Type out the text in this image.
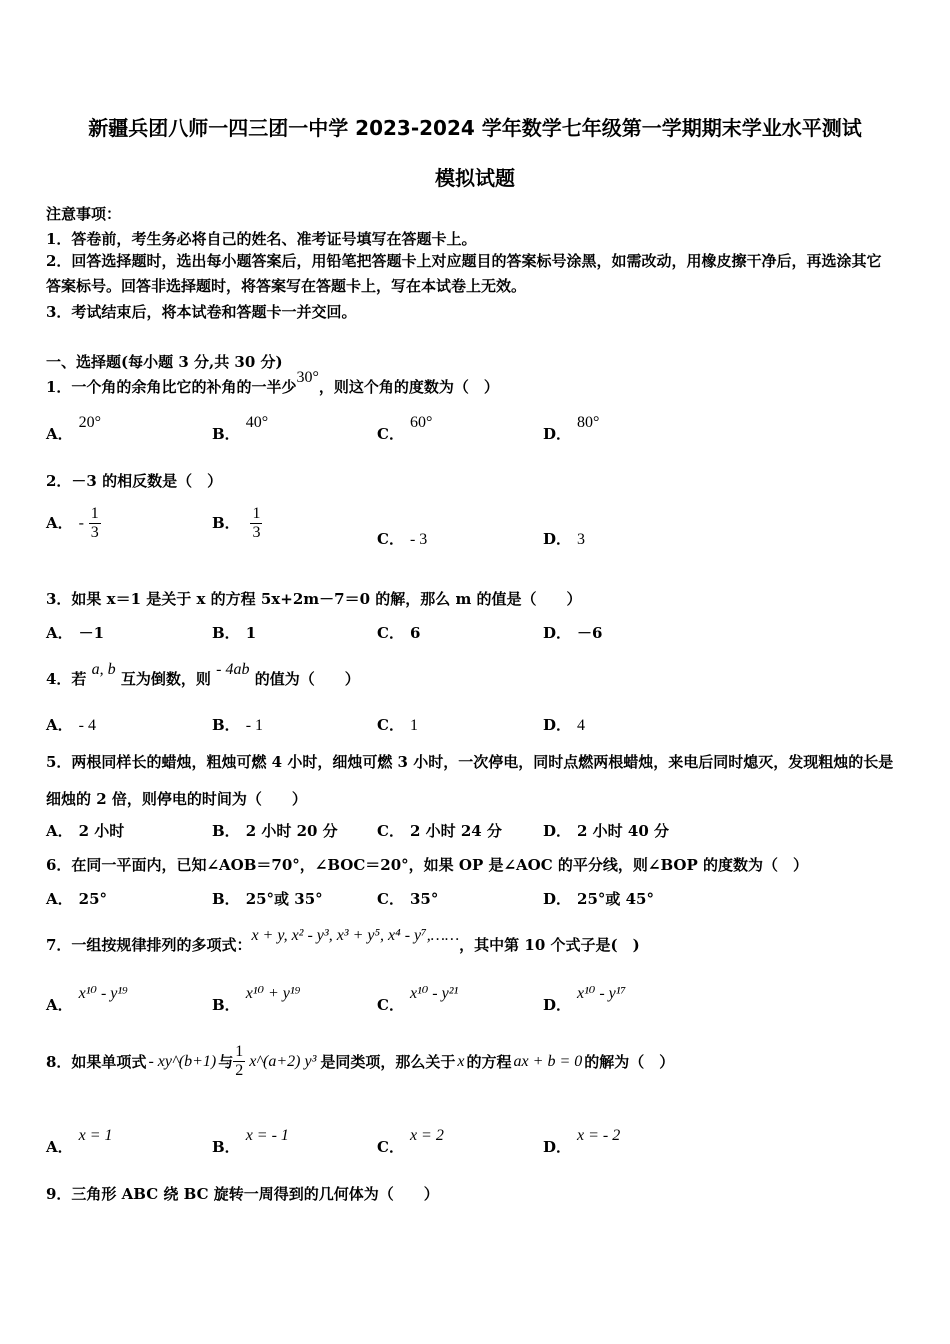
新疆兵团八师一四三团一中学 2023-2024 学年数学七年级第一学期期末学业水平测试
模拟试题
注意事项：
1．答卷前，考生务必将自己的姓名、准考证号填写在答题卡上。
2．回答选择题时，选出每小题答案后，用铅笔把答题卡上对应题目的答案标号涂黑，如需改动，用橡皮擦干净后，再选涂其它答案标号。回答非选择题时，将答案写在答题卡上，写在本试卷上无效。
3．考试结束后，将本试卷和答题卡一并交回。
一、选择题(每小题 3 分,共 30 分)
1．一个角的余角比它的补角的一半少30°，则这个角的度数为（　）
A．20°
B．40°
C．60°
D．80°
2．－3 的相反数是（　）
A． - $\frac{1}{3}$	B． $\frac{1}{3}$	C． - 3	D． 3
3．如果 x＝1 是关于 x 的方程 5x+2m－7＝0 的解，那么 m 的值是（　　）
A． －1	B． 1	C． 6	D． －6
4．若 a, b 互为倒数，则 - 4ab 的值为（　　）
A． - 4	B． - 1	C． 1	D． 4
5．两根同样长的蜡烛，粗烛可燃 4 小时，细烛可燃 3 小时，一次停电，同时点燃两根蜡烛，来电后同时熄灭，发现粗烛的长是细烛的 2 倍，则停电的时间为（　　）
A． 2 小时	B． 2 小时 20 分	C． 2 小时 24 分	D． 2 小时 40 分
6．在同一平面内，已知∠AOB＝70°，∠BOC＝20°，如果 OP 是∠AOC 的平分线，则∠BOP 的度数为（　）
A． 25°	B． 25°或 35°	C． 35°	D． 25°或 45°
7．一组按规律排列的多项式：x + y, x² - y³, x³ + y⁵, x⁴ - y⁷,……，其中第 10 个式子是(　)
A．x¹⁰ - y¹⁹
B．x¹⁰ + y¹⁹
C．x¹⁰ - y²¹
D．x¹⁰ - y¹⁷
8．如果单项式 - xy^(b+1) 与 $\frac{1}{2}$ x^(a+2) y³ 是同类项，那么关于 x 的方程 ax + b = 0 的解为（　）
A．x = 1
B．x = - 1
C．x = 2
D．x = - 2
9．三角形 ABC 绕 BC 旋转一周得到的几何体为（　　）
